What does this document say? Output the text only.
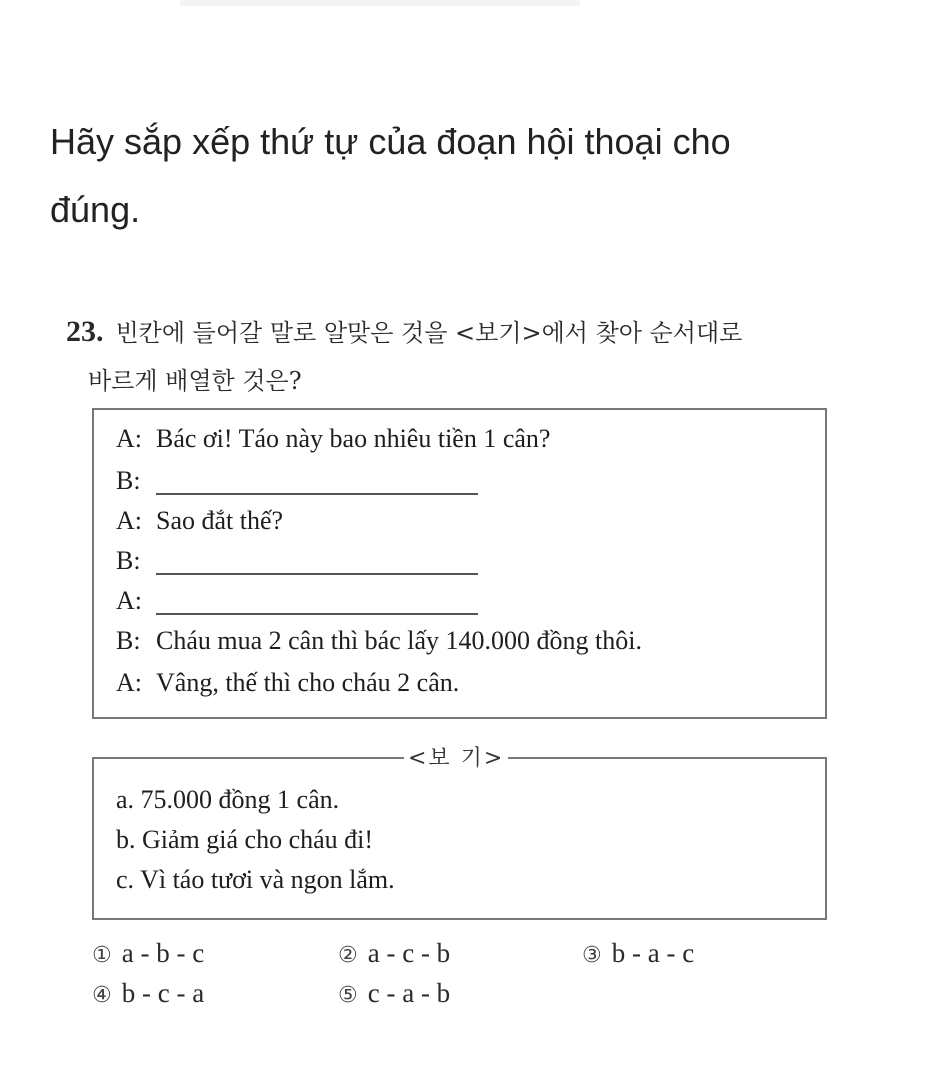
Hãy sắp xếp thứ tự của đoạn hội thoại cho đúng.
23. 빈칸에 들어갈 말로 알맞은 것을 <보기>에서 찾아 순서대로
바르게 배열한 것은?
A: Bác ơi! Táo này bao nhiêu tiền 1 cân?
B:
A: Sao đắt thế?
B:
A:
B: Cháu mua 2 cân thì bác lấy 140.000 đồng thôi.
A: Vâng, thế thì cho cháu 2 cân.
<보 기>
a. 75.000 đồng 1 cân.
b. Giảm giá cho cháu đi!
c. Vì táo tươi và ngon lắm.
① a - b - c	② a - c - b	③ b - a - c
④ b - c - a	⑤ c - a - b
